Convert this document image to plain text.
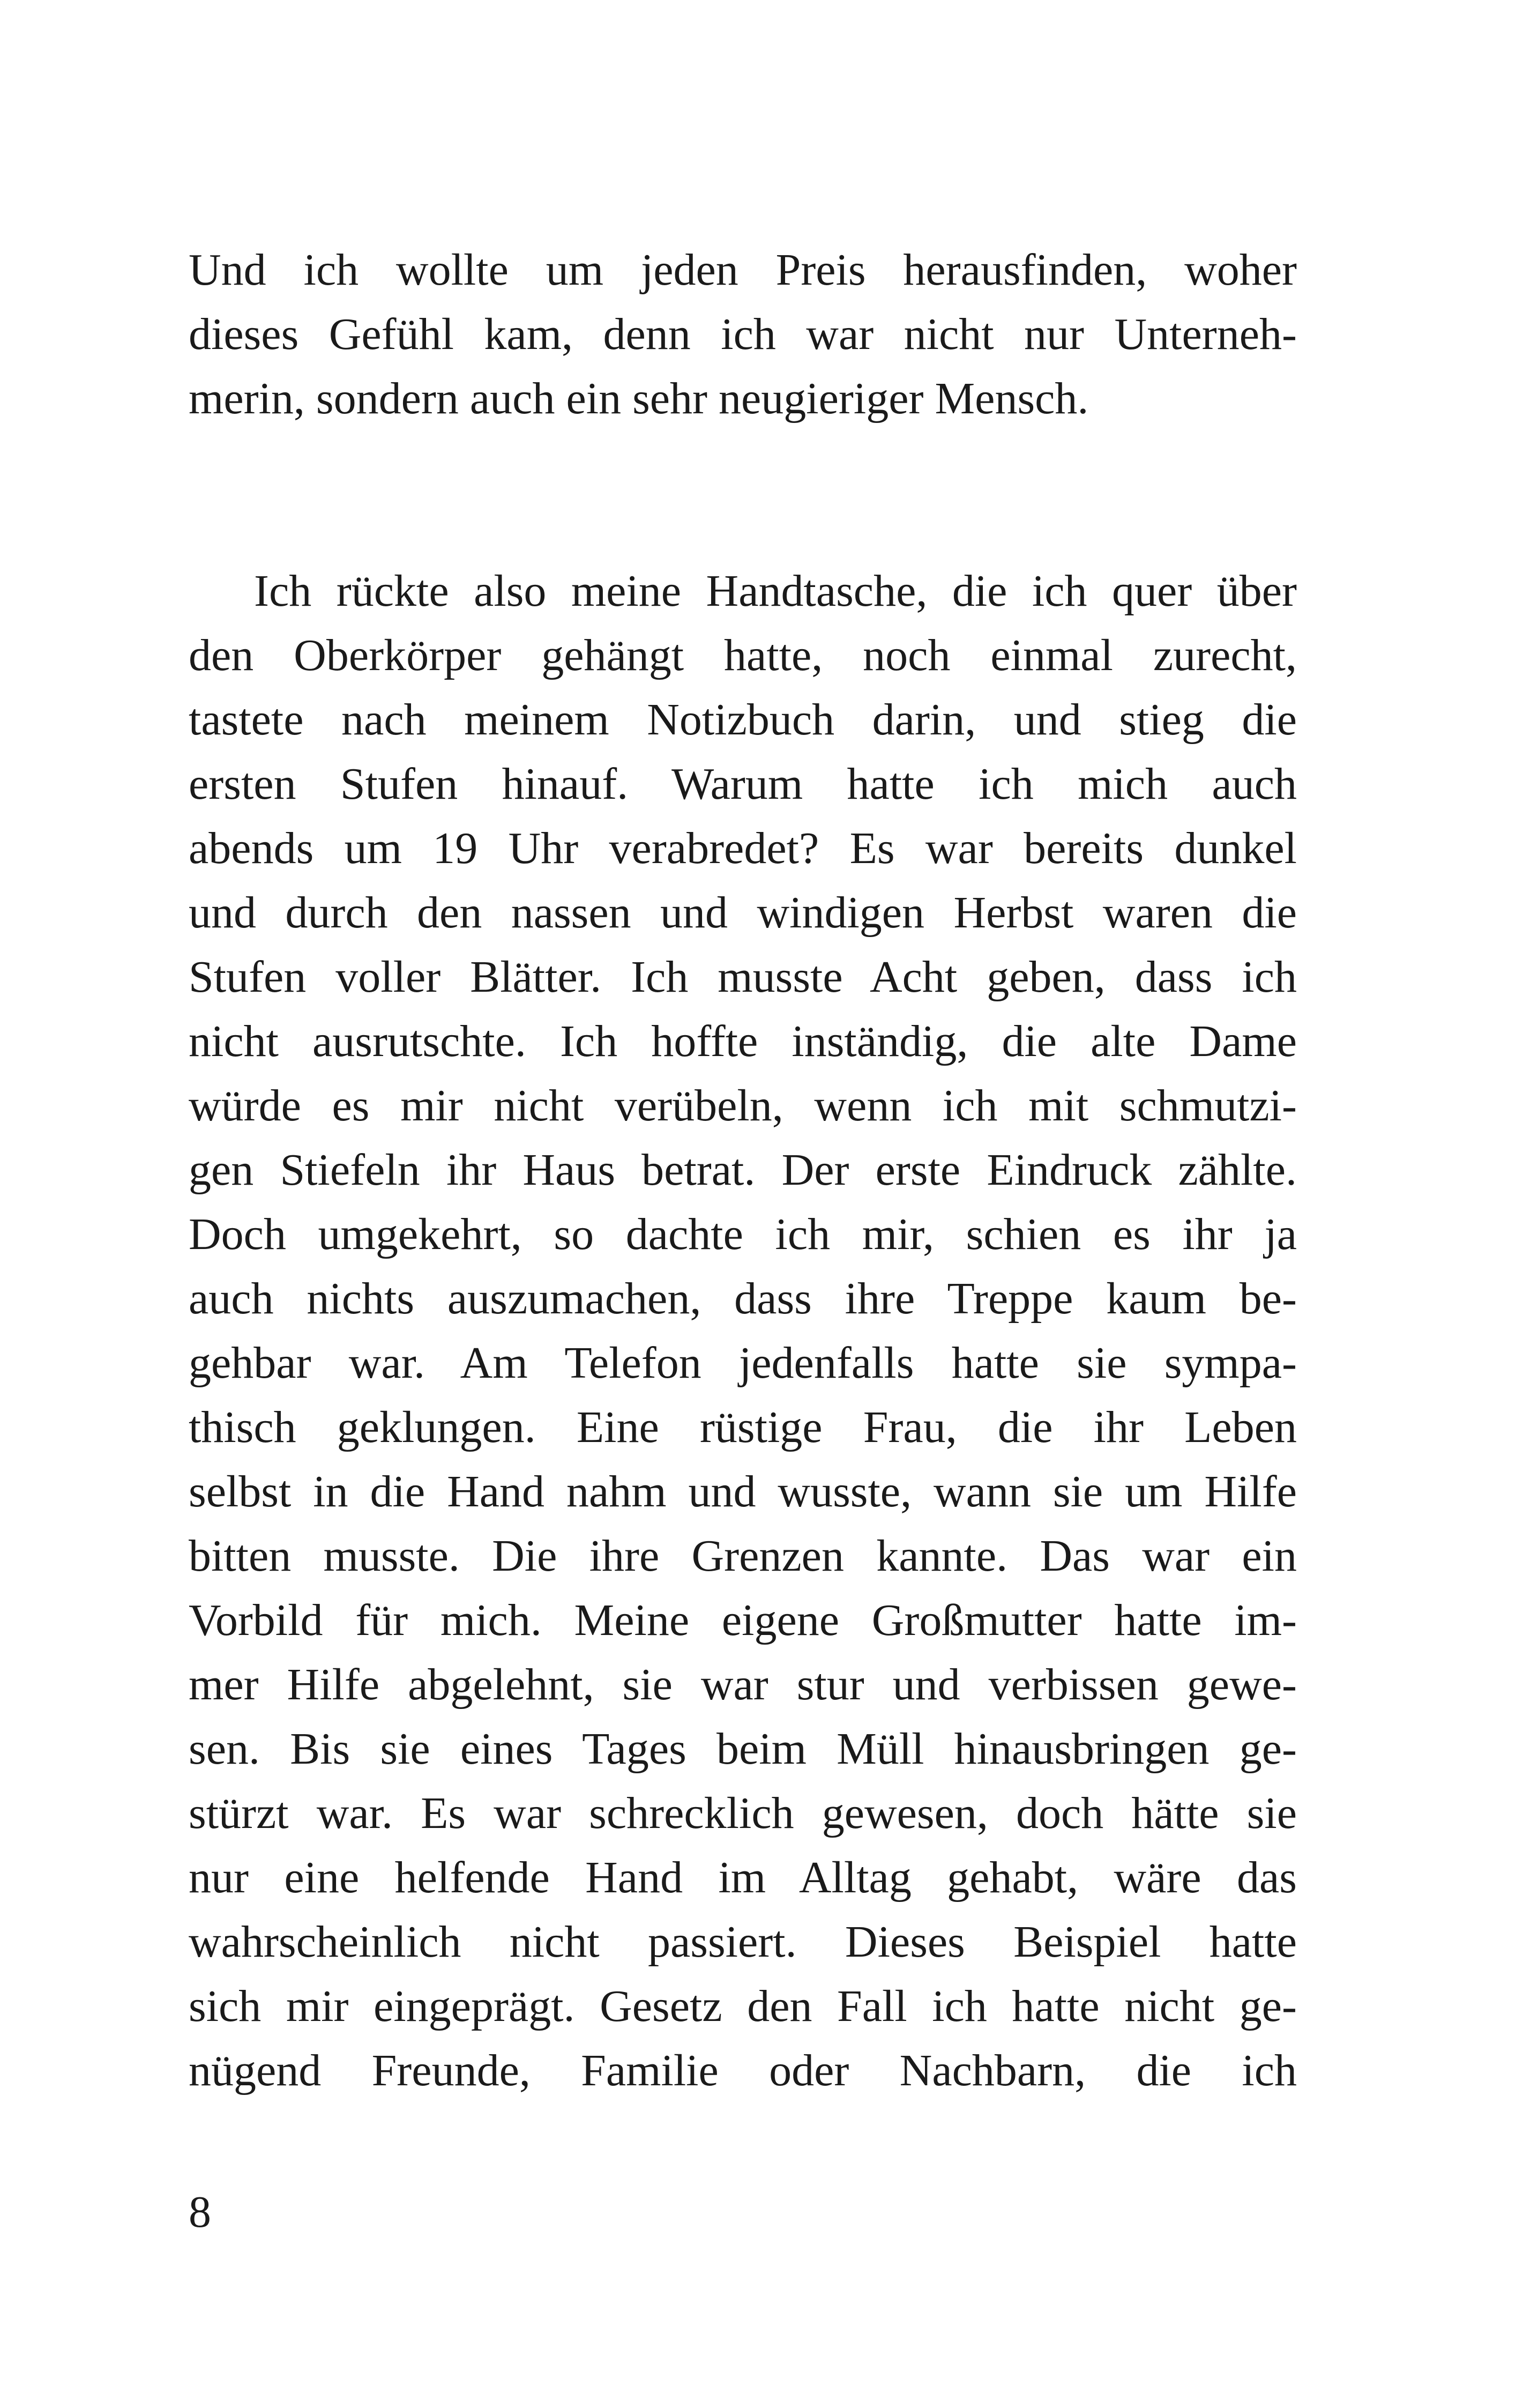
Und ich wollte um jeden Preis herausfinden, woher
dieses Gefühl kam, denn ich war nicht nur Unterneh-
merin, sondern auch ein sehr neugieriger Mensch.
Ich rückte also meine Handtasche, die ich quer über
den Oberkörper gehängt hatte, noch einmal zurecht,
tastete nach meinem Notizbuch darin, und stieg die
ersten Stufen hinauf. Warum hatte ich mich auch
abends um 19 Uhr verabredet? Es war bereits dunkel
und durch den nassen und windigen Herbst waren die
Stufen voller Blätter. Ich musste Acht geben, dass ich
nicht ausrutschte. Ich hoffte inständig, die alte Dame
würde es mir nicht verübeln, wenn ich mit schmutzi-
gen Stiefeln ihr Haus betrat. Der erste Eindruck zählte.
Doch umgekehrt, so dachte ich mir, schien es ihr ja
auch nichts auszumachen, dass ihre Treppe kaum be-
gehbar war. Am Telefon jedenfalls hatte sie sympa-
thisch geklungen. Eine rüstige Frau, die ihr Leben
selbst in die Hand nahm und wusste, wann sie um Hilfe
bitten musste. Die ihre Grenzen kannte. Das war ein
Vorbild für mich. Meine eigene Großmutter hatte im-
mer Hilfe abgelehnt, sie war stur und verbissen gewe-
sen. Bis sie eines Tages beim Müll hinausbringen ge-
stürzt war. Es war schrecklich gewesen, doch hätte sie
nur eine helfende Hand im Alltag gehabt, wäre das
wahrscheinlich nicht passiert. Dieses Beispiel hatte
sich mir eingeprägt. Gesetz den Fall ich hatte nicht ge-
nügend Freunde, Familie oder Nachbarn, die ich
8
